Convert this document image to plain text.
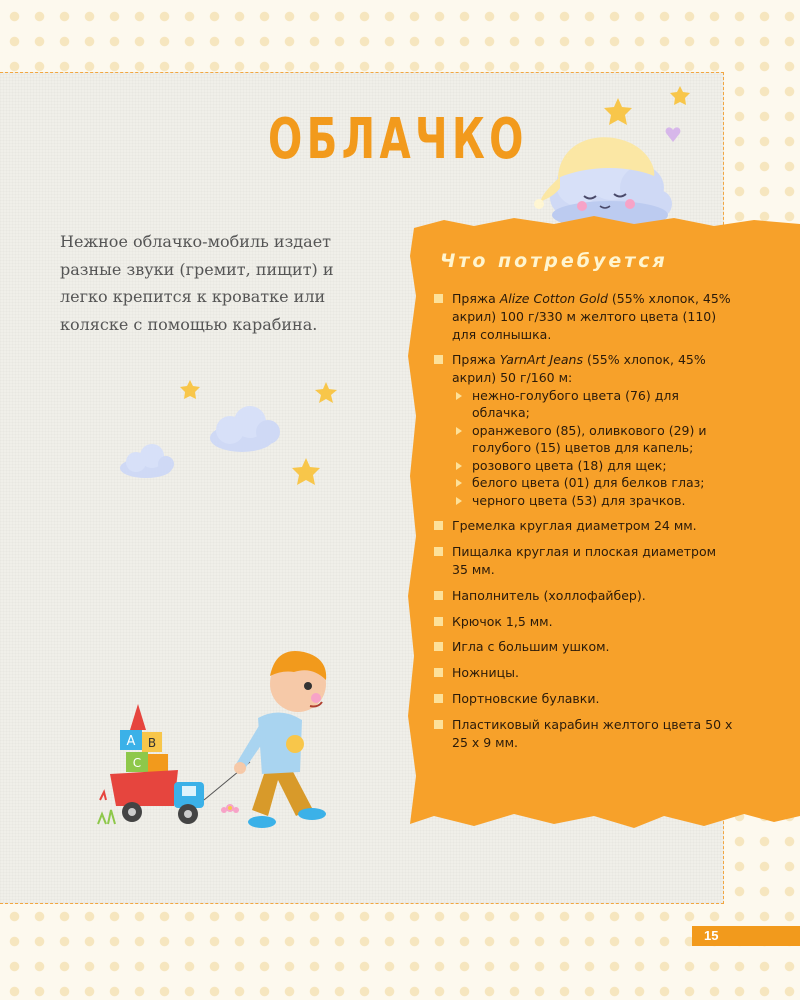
ОБЛАЧКО

Нежное облачко-мобиль издает разные звуки (гремит, пищит) и легко крепится к кроватке или коляске с помощью карабина.

A B
C
Что потребуется
Пряжа Alize Cotton Gold (55% хлопок, 45% акрил) 100 г/330 м желтого цвета (110) для солнышка.
Пряжа YarnArt Jeans (55% хлопок, 45% акрил) 50 г/160 м:
нежно-голубого цвета (76) для облачка;
оранжевого (85), оливкового (29) и голубого (15) цветов для капель;
розового цвета (18) для щек;
белого цвета (01) для белков глаз;
черного цвета (53) для зрачков.
Гремелка круглая диаметром 24 мм.
Пищалка круглая и плоская диаметром 35 мм.
Наполнитель (холлофайбер).
Крючок 1,5 мм.
Игла с большим ушком.
Ножницы.
Портновские булавки.
Пластиковый карабин желтого цвета 50 х 25 х 9 мм.

15
